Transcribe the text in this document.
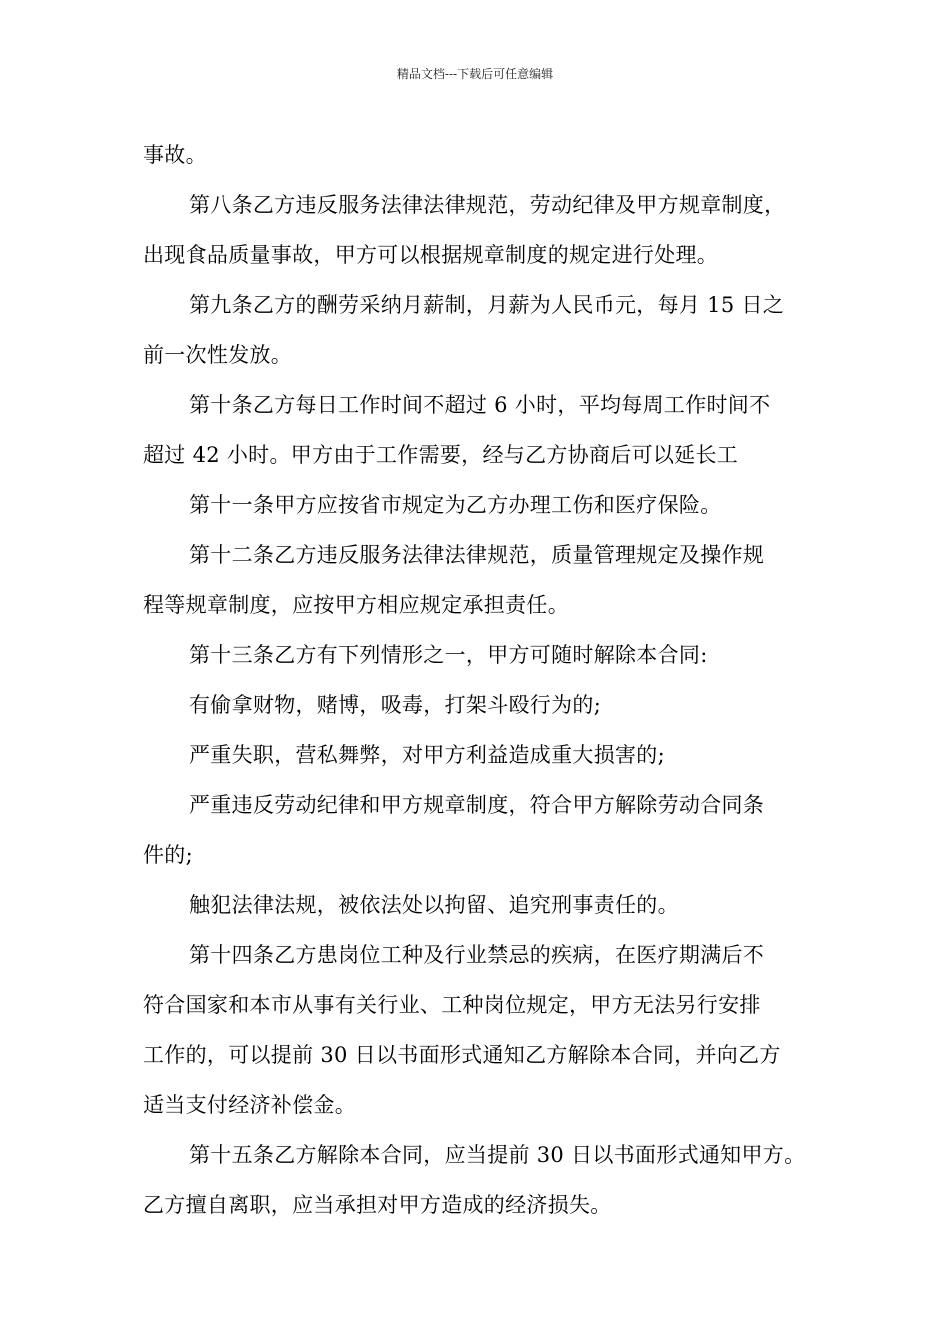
精品文档---下载后可任意编辑

事故。

第八条乙方违反服务法律法律规范，劳动纪律及甲方规章制度，

出现食品质量事故，甲方可以根据规章制度的规定进行处理。

第九条乙方的酬劳采纳月薪制，月薪为人民币元，每月 15 日之

前一次性发放。

第十条乙方每日工作时间不超过 6 小时，平均每周工作时间不

超过 42 小时。甲方由于工作需要，经与乙方协商后可以延长工

第十一条甲方应按省市规定为乙方办理工伤和医疗保险。

第十二条乙方违反服务法律法律规范，质量管理规定及操作规

程等规章制度，应按甲方相应规定承担责任。

第十三条乙方有下列情形之一，甲方可随时解除本合同:

有偷拿财物，赌博，吸毒，打架斗殴行为的;

严重失职，营私舞弊，对甲方利益造成重大损害的;

严重违反劳动纪律和甲方规章制度，符合甲方解除劳动合同条

件的;

触犯法律法规，被依法处以拘留、追究刑事责任的。

第十四条乙方患岗位工种及行业禁忌的疾病，在医疗期满后不

符合国家和本市从事有关行业、工种岗位规定，甲方无法另行安排

工作的，可以提前 30 日以书面形式通知乙方解除本合同，并向乙方

适当支付经济补偿金。

第十五条乙方解除本合同，应当提前 30 日以书面形式通知甲方。

乙方擅自离职，应当承担对甲方造成的经济损失。
